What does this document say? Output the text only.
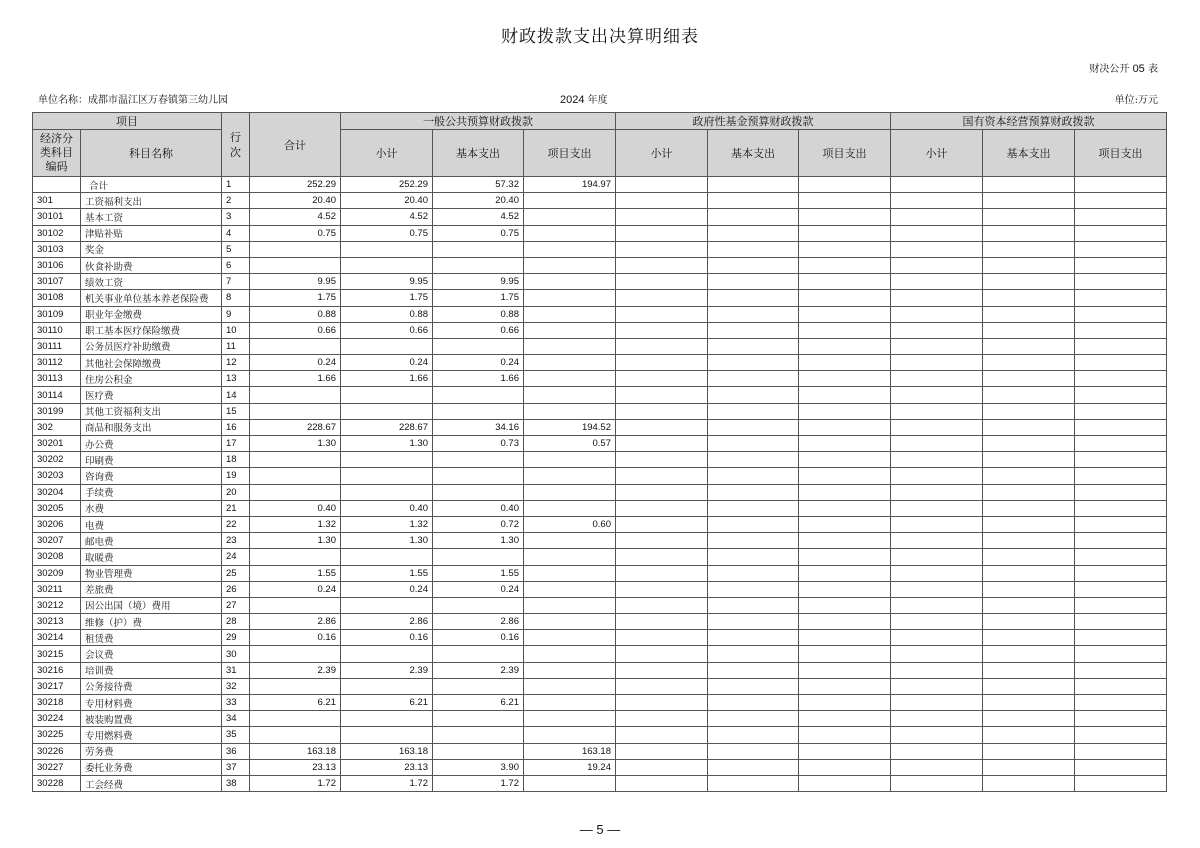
财政拨款支出决算明细表
财决公开 05 表
单位名称：成都市温江区万春镇第三幼儿园	2024 年度	单位:万元
项目		行次	合计	一般公共预算财政拨款			政府性基金预算财政拨款			国有资本经营预算财政拨款		

经济分类科目编码	科目名称			小计	基本支出	项目支出	小计	基本支出	项目支出	小计	基本支出	项目支出
	合计	1	252.29	252.29	57.32	194.97						
301	工资福利支出	2	20.40	20.40	20.40							
30101	基本工资	3	4.52	4.52	4.52							
30102	津贴补贴	4	0.75	0.75	0.75							
30103	奖金	5										
30106	伙食补助费	6										
30107	绩效工资	7	9.95	9.95	9.95							
30108	机关事业单位基本养老保险费	8	1.75	1.75	1.75							
30109	职业年金缴费	9	0.88	0.88	0.88							
30110	职工基本医疗保险缴费	10	0.66	0.66	0.66							
30111	公务员医疗补助缴费	11										
30112	其他社会保障缴费	12	0.24	0.24	0.24							
30113	住房公积金	13	1.66	1.66	1.66							
30114	医疗费	14										
30199	其他工资福利支出	15										
302	商品和服务支出	16	228.67	228.67	34.16	194.52						
30201	办公费	17	1.30	1.30	0.73	0.57						
30202	印刷费	18										
30203	咨询费	19										
30204	手续费	20										
30205	水费	21	0.40	0.40	0.40							
30206	电费	22	1.32	1.32	0.72	0.60						
30207	邮电费	23	1.30	1.30	1.30							
30208	取暖费	24										
30209	物业管理费	25	1.55	1.55	1.55							
30211	差旅费	26	0.24	0.24	0.24							
30212	因公出国（境）费用	27										
30213	维修（护）费	28	2.86	2.86	2.86							
30214	租赁费	29	0.16	0.16	0.16							
30215	会议费	30										
30216	培训费	31	2.39	2.39	2.39							
30217	公务接待费	32										
30218	专用材料费	33	6.21	6.21	6.21							
30224	被装购置费	34										
30225	专用燃料费	35										
30226	劳务费	36	163.18	163.18		163.18						
30227	委托业务费	37	23.13	23.13	3.90	19.24						
30228	工会经费	38	1.72	1.72	1.72							
— 5 —
